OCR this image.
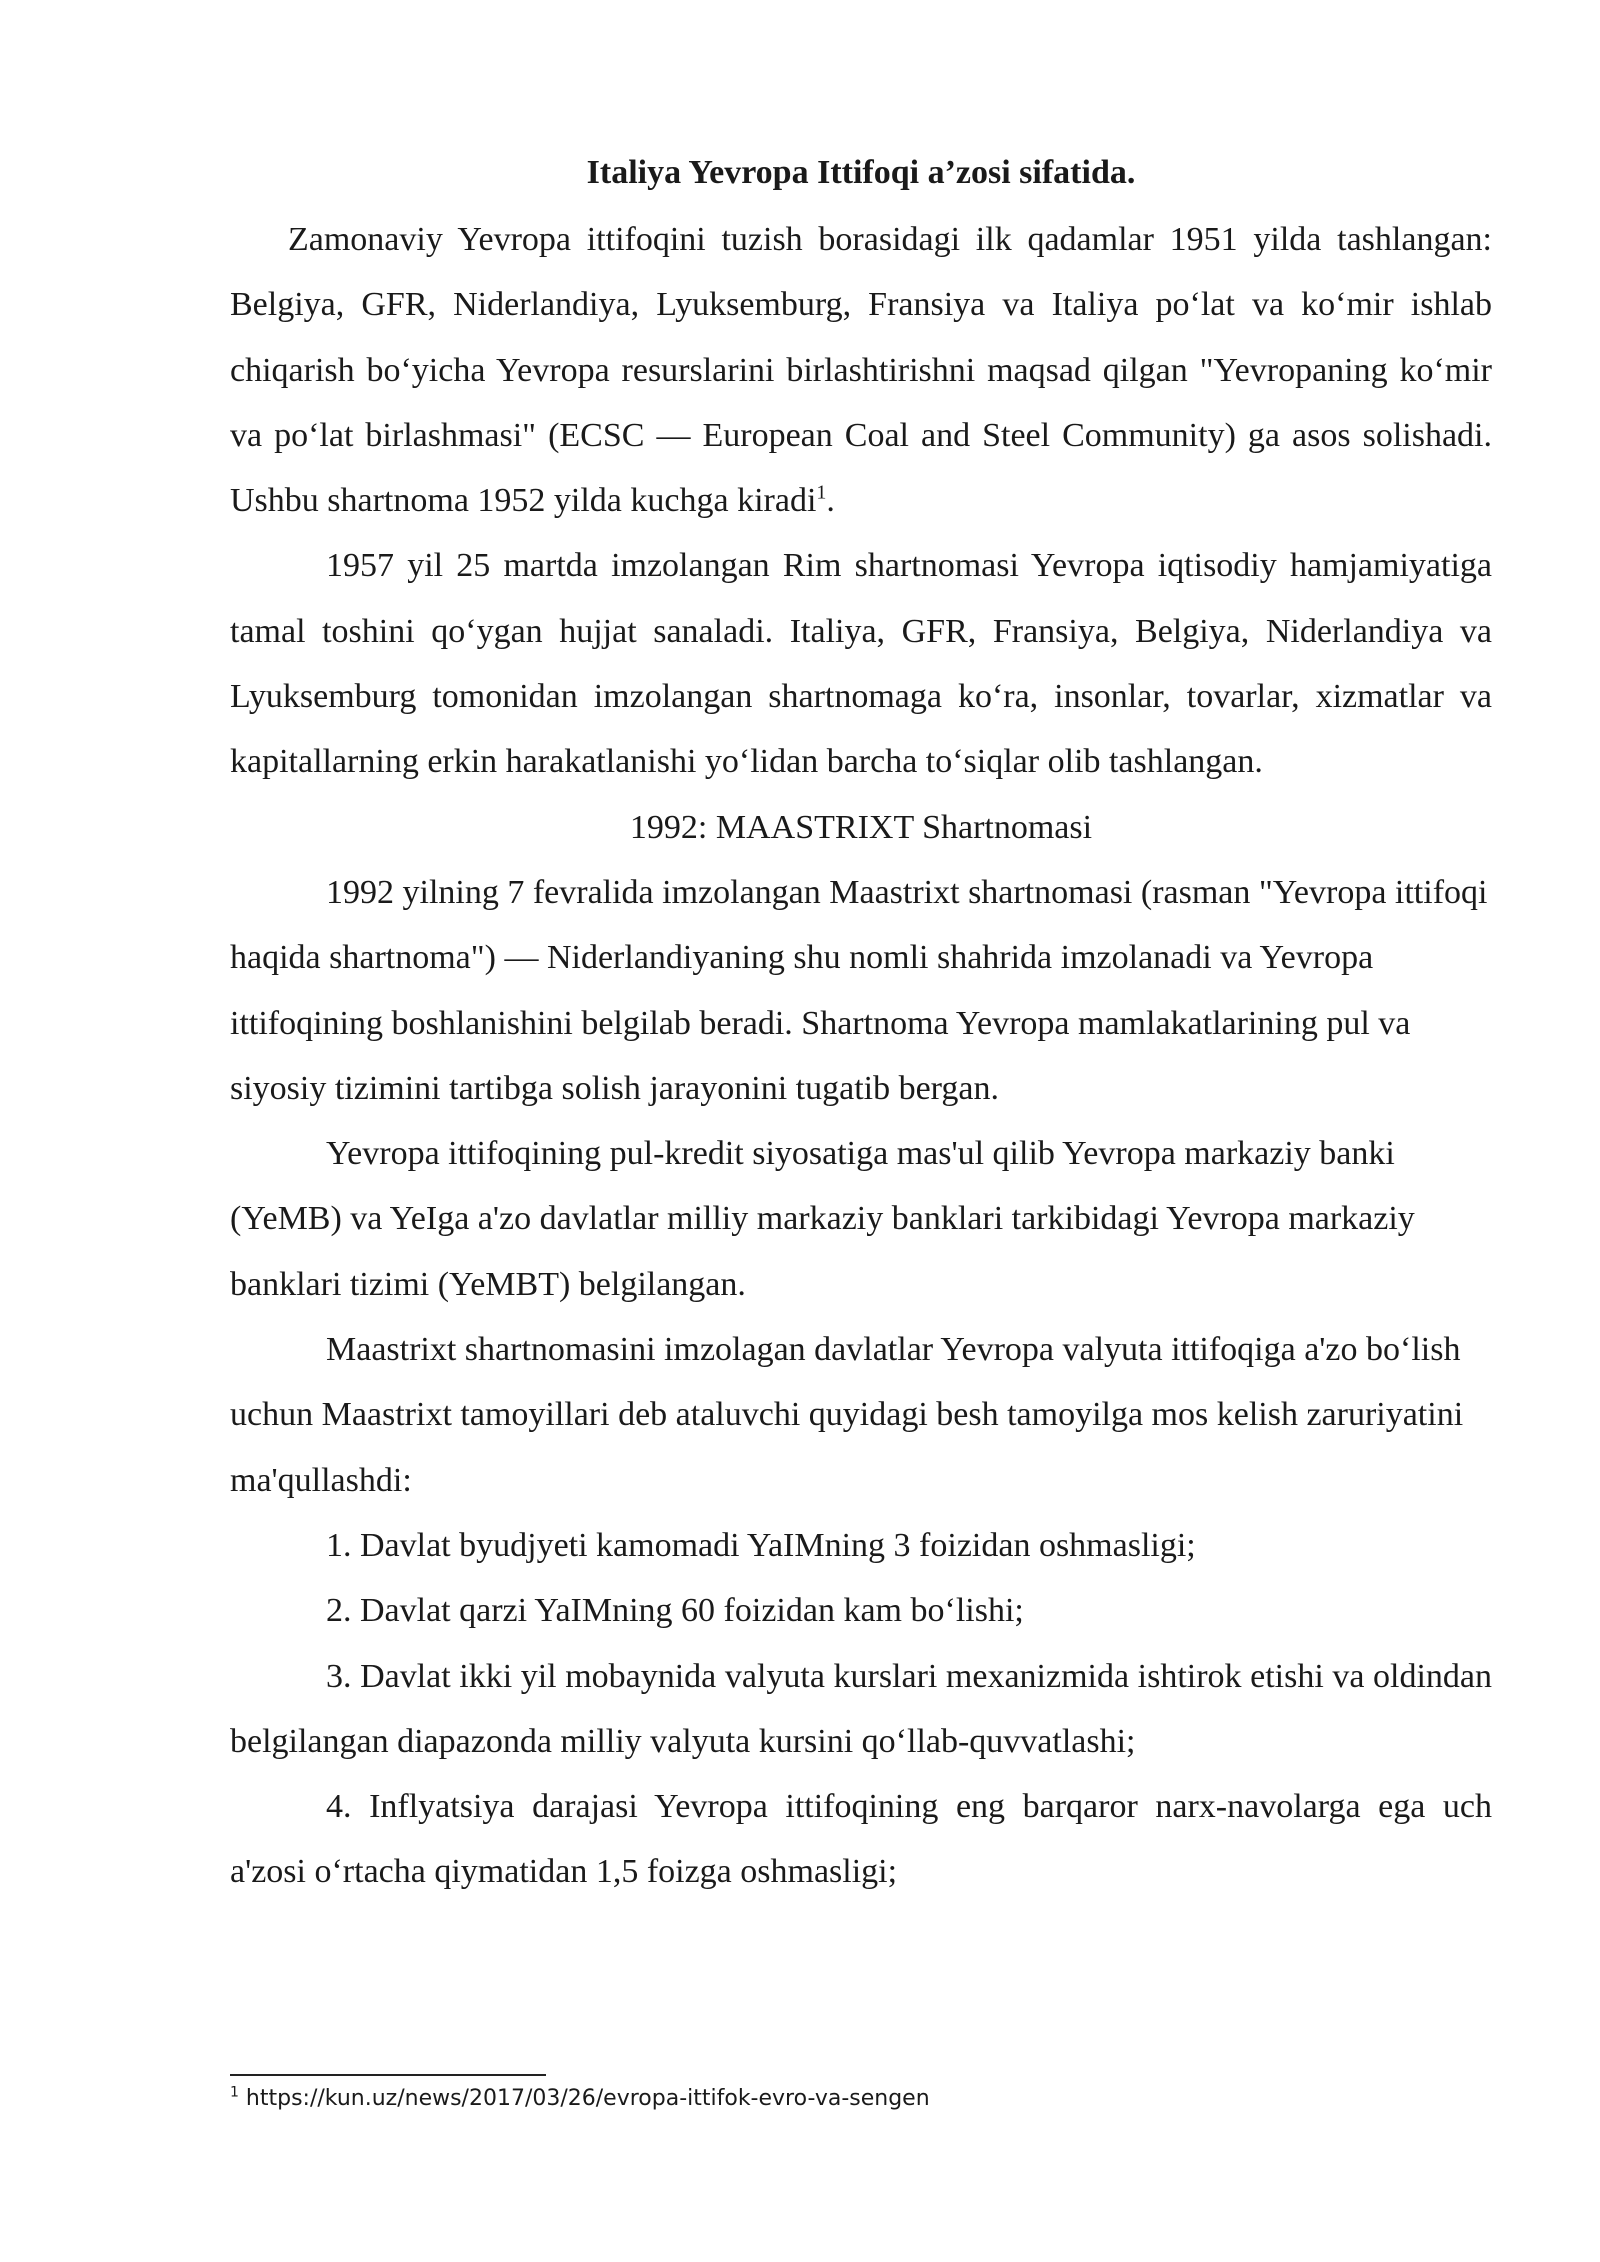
Italiya Yevropa Ittifoqi a’zosi sifatida.

Zamonaviy Yevropa ittifoqini tuzish borasidagi ilk qadamlar 1951 yilda tashlangan: Belgiya, GFR, Niderlandiya, Lyuksemburg, Fransiya va Italiya po‘lat va ko‘mir ishlab chiqarish bo‘yicha Yevropa resurslarini birlashtirishni maqsad qilgan "Yevropaning ko‘mir va po‘lat birlashmasi" (ECSC — European Coal and Steel Community) ga asos solishadi. Ushbu shartnoma 1952 yilda kuchga kiradi$^1$.

1957 yil 25 martda imzolangan Rim shartnomasi Yevropa iqtisodiy hamjamiyatiga tamal toshini qo‘ygan hujjat sanaladi. Italiya, GFR, Fransiya, Belgiya, Niderlandiya va Lyuksemburg tomonidan imzolangan shartnomaga ko‘ra, insonlar, tovarlar, xizmatlar va kapitallarning erkin harakatlanishi yo‘lidan barcha to‘siqlar olib tashlangan.

1992: MAASTRIXT Shartnomasi

1992 yilning 7 fevralida imzolangan Maastrixt shartnomasi (rasman "Yevropa ittifoqi haqida shartnoma") — Niderlandiyaning shu nomli shahrida imzolanadi va Yevropa ittifoqining boshlanishini belgilab beradi. Shartnoma Yevropa mamlakatlarining pul va siyosiy tizimini tartibga solish jarayonini tugatib bergan.

Yevropa ittifoqining pul-kredit siyosatiga mas'ul qilib Yevropa markaziy banki (YeMB) va YeIga a'zo davlatlar milliy markaziy banklari tarkibidagi Yevropa markaziy banklari tizimi (YeMBT) belgilangan.

Maastrixt shartnomasini imzolagan davlatlar Yevropa valyuta ittifoqiga a'zo bo‘lish uchun Maastrixt tamoyillari deb ataluvchi quyidagi besh tamoyilga mos kelish zaruriyatini ma'qullashdi:

1. Davlat byudjyeti kamomadi YaIMning 3 foizidan oshmasligi;

2. Davlat qarzi YaIMning 60 foizidan kam bo‘lishi;

3. Davlat ikki yil mobaynida valyuta kurslari mexanizmida ishtirok etishi va oldindan belgilangan diapazonda milliy valyuta kursini qo‘llab-quvvatlashi;

4. Inflyatsiya darajasi Yevropa ittifoqining eng barqaror narx-navolarga ega uch a'zosi o‘rtacha qiymatidan 1,5 foizga oshmasligi;

$^1$ https://kun.uz/news/2017/03/26/evropa-ittifok-evro-va-sengen
